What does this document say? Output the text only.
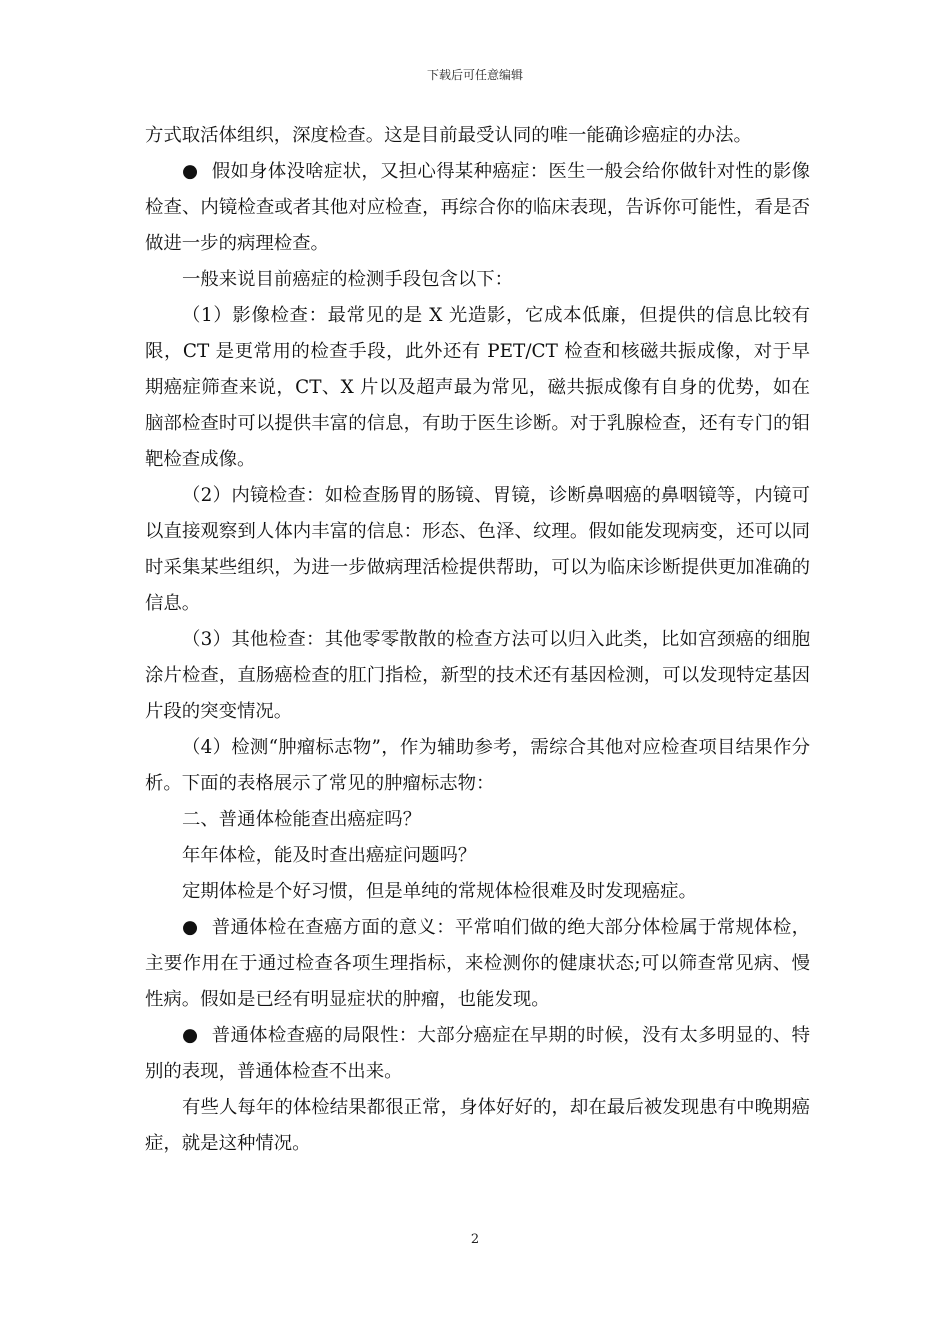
下载后可任意编辑

方式取活体组织，深度检查。这是目前最受认同的唯一能确诊癌症的办法。

● 假如身体没啥症状，又担心得某种癌症：医生一般会给你做针对性的影像检查、内镜检查或者其他对应检查，再综合你的临床表现，告诉你可能性，看是否做进一步的病理检查。

一般来说目前癌症的检测手段包含以下：

（1）影像检查：最常见的是 X 光造影，它成本低廉，但提供的信息比较有限，CT 是更常用的检查手段，此外还有 PET/CT 检查和核磁共振成像，对于早期癌症筛查来说，CT、X 片以及超声最为常见，磁共振成像有自身的优势，如在脑部检查时可以提供丰富的信息，有助于医生诊断。对于乳腺检查，还有专门的钼靶检查成像。

（2）内镜检查：如检查肠胃的肠镜、胃镜，诊断鼻咽癌的鼻咽镜等，内镜可以直接观察到人体内丰富的信息：形态、色泽、纹理。假如能发现病变，还可以同时采集某些组织，为进一步做病理活检提供帮助，可以为临床诊断提供更加准确的信息。

（3）其他检查：其他零零散散的检查方法可以归入此类，比如宫颈癌的细胞涂片检查，直肠癌检查的肛门指检，新型的技术还有基因检测，可以发现特定基因片段的突变情况。

（4）检测“肿瘤标志物”，作为辅助参考，需综合其他对应检查项目结果作分析。下面的表格展示了常见的肿瘤标志物：

二、普通体检能查出癌症吗？

年年体检，能及时查出癌症问题吗？

定期体检是个好习惯，但是单纯的常规体检很难及时发现癌症。

● 普通体检在查癌方面的意义：平常咱们做的绝大部分体检属于常规体检，主要作用在于通过检查各项生理指标，来检测你的健康状态;可以筛查常见病、慢性病。假如是已经有明显症状的肿瘤，也能发现。

● 普通体检查癌的局限性：大部分癌症在早期的时候，没有太多明显的、特别的表现，普通体检查不出来。

有些人每年的体检结果都很正常，身体好好的，却在最后被发现患有中晚期癌症，就是这种情况。

2
